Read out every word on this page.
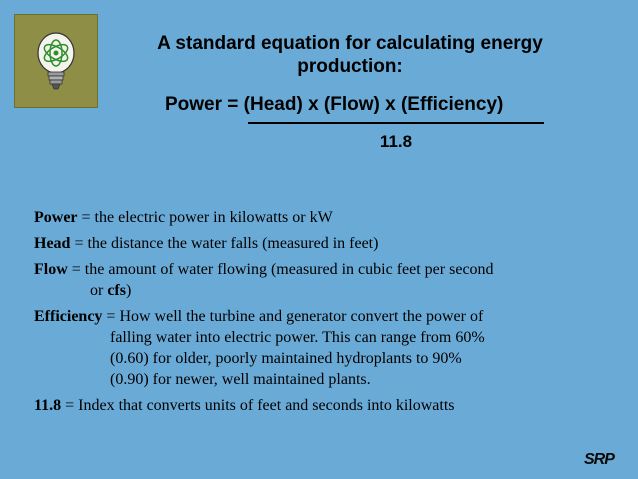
A standard equation for calculating energy
production:
Power = (Head) x (Flow) x (Efficiency)
11.8
Power = the electric power in kilowatts or kW
Head = the distance the water falls (measured in feet)
Flow = the amount of water flowing (measured in cubic feet per second
or cfs)
Efficiency = How well the turbine and generator convert the power of
falling water into electric power. This can range from 60%
(0.60) for older, poorly maintained hydroplants to 90%
(0.90) for newer, well maintained plants.
11.8 = Index that converts units of feet and seconds into kilowatts
SRP
